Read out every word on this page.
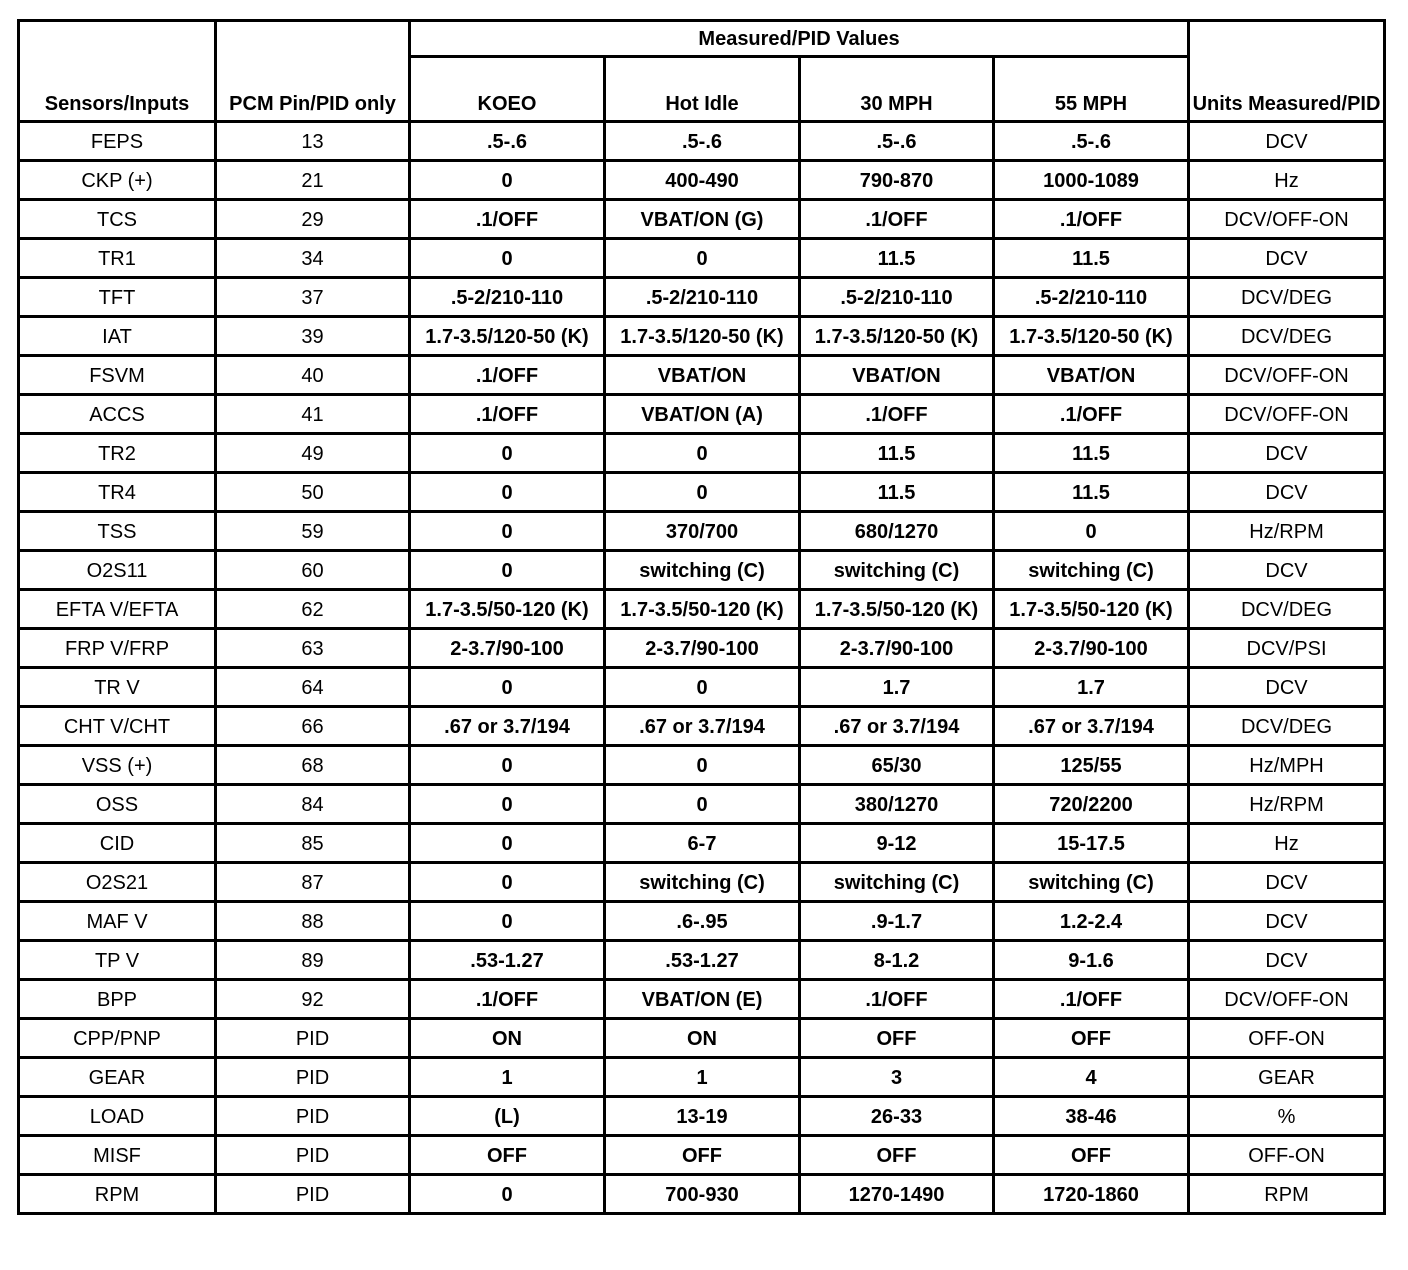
Sensors/Inputs	PCM Pin/PID only	Measured/PID Values				Units Measured/PID
		KOEO	Hot Idle	30 MPH	55 MPH	
FEPS	13	.5-.6	.5-.6	.5-.6	.5-.6	DCV
CKP (+)	21	0	400-490	790-870	1000-1089	Hz
TCS	29	.1/OFF	VBAT/ON (G)	.1/OFF	.1/OFF	DCV/OFF-ON
TR1	34	0	0	11.5	11.5	DCV
TFT	37	.5-2/210-110	.5-2/210-110	.5-2/210-110	.5-2/210-110	DCV/DEG
IAT	39	1.7-3.5/120-50 (K)	1.7-3.5/120-50 (K)	1.7-3.5/120-50 (K)	1.7-3.5/120-50 (K)	DCV/DEG
FSVM	40	.1/OFF	VBAT/ON	VBAT/ON	VBAT/ON	DCV/OFF-ON
ACCS	41	.1/OFF	VBAT/ON (A)	.1/OFF	.1/OFF	DCV/OFF-ON
TR2	49	0	0	11.5	11.5	DCV
TR4	50	0	0	11.5	11.5	DCV
TSS	59	0	370/700	680/1270	0	Hz/RPM
O2S11	60	0	switching (C)	switching (C)	switching (C)	DCV
EFTA V/EFTA	62	1.7-3.5/50-120 (K)	1.7-3.5/50-120 (K)	1.7-3.5/50-120 (K)	1.7-3.5/50-120 (K)	DCV/DEG
FRP V/FRP	63	2-3.7/90-100	2-3.7/90-100	2-3.7/90-100	2-3.7/90-100	DCV/PSI
TR V	64	0	0	1.7	1.7	DCV
CHT V/CHT	66	.67 or 3.7/194	.67 or 3.7/194	.67 or 3.7/194	.67 or 3.7/194	DCV/DEG
VSS (+)	68	0	0	65/30	125/55	Hz/MPH
OSS	84	0	0	380/1270	720/2200	Hz/RPM
CID	85	0	6-7	9-12	15-17.5	Hz
O2S21	87	0	switching (C)	switching (C)	switching (C)	DCV
MAF V	88	0	.6-.95	.9-1.7	1.2-2.4	DCV
TP V	89	.53-1.27	.53-1.27	8-1.2	9-1.6	DCV
BPP	92	.1/OFF	VBAT/ON (E)	.1/OFF	.1/OFF	DCV/OFF-ON
CPP/PNP	PID	ON	ON	OFF	OFF	OFF-ON
GEAR	PID	1	1	3	4	GEAR
LOAD	PID	(L)	13-19	26-33	38-46	%
MISF	PID	OFF	OFF	OFF	OFF	OFF-ON
RPM	PID	0	700-930	1270-1490	1720-1860	RPM
